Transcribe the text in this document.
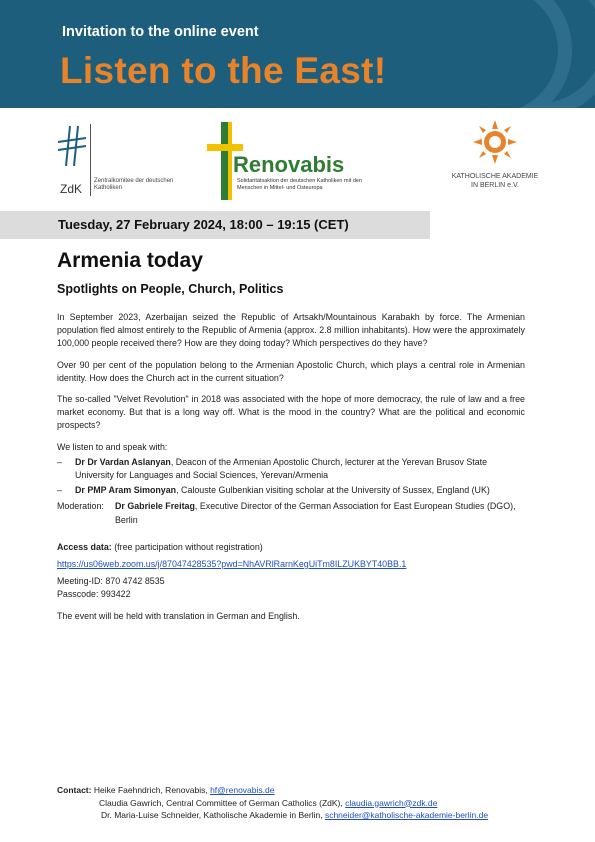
Invitation to the online event
Listen to the East!
ZdK
Zentralkomitee der deutschen Katholiken
Renovabis
Solidaritätsaktion der deutschen Katholiken mit den Menschen in Mittel- und Osteuropa
KATHOLISCHE AKADEMIE IN BERLIN e.V.
Tuesday, 27 February 2024, 18:00 – 19:15 (CET)
Armenia today
Spotlights on People, Church, Politics

In September 2023, Azerbaijan seized the Republic of Artsakh/Mountainous Karabakh by force. The Armenian population fled almost entirely to the Republic of Armenia (approx. 2.8 million inhabitants). How were the approximately 100,000 people received there? How are they doing today? Which perspectives do they have?

Over 90 per cent of the population belong to the Armenian Apostolic Church, which plays a central role in Armenian identity. How does the Church act in the current situation?

The so-called "Velvet Revolution" in 2018 was associated with the hope of more democracy, the rule of law and a free market economy. But that is a long way off. What is the mood in the country? What are the political and economic prospects?

We listen to and speak with:

– Dr Dr Vardan Aslanyan, Deacon of the Armenian Apostolic Church, lecturer at the Yerevan Brusov State University for Languages and Social Sciences, Yerevan/Armenia
– Dr PMP Aram Simonyan, Calouste Gulbenkian visiting scholar at the University of Sussex, England (UK)
Moderation: Dr Gabriele Freitag, Executive Director of the German Association for East European Studies (DGO), Berlin
Access data: (free participation without registration)
https://us06web.zoom.us/j/87047428535?pwd=NhAVRlRarnKegUiTm8ILZUKBYT40BB.1
Meeting-ID: 870 4742 8535
Passcode: 993422
The event will be held with translation in German and English.
Contact: Heike Faehndrich, Renovabis, hf@renovabis.de
Claudia Gawrich, Central Committee of German Catholics (ZdK), claudia.gawrich@zdk.de
Dr. Maria-Luise Schneider, Katholische Akademie in Berlin, schneider@katholische-akademie-berlin.de
